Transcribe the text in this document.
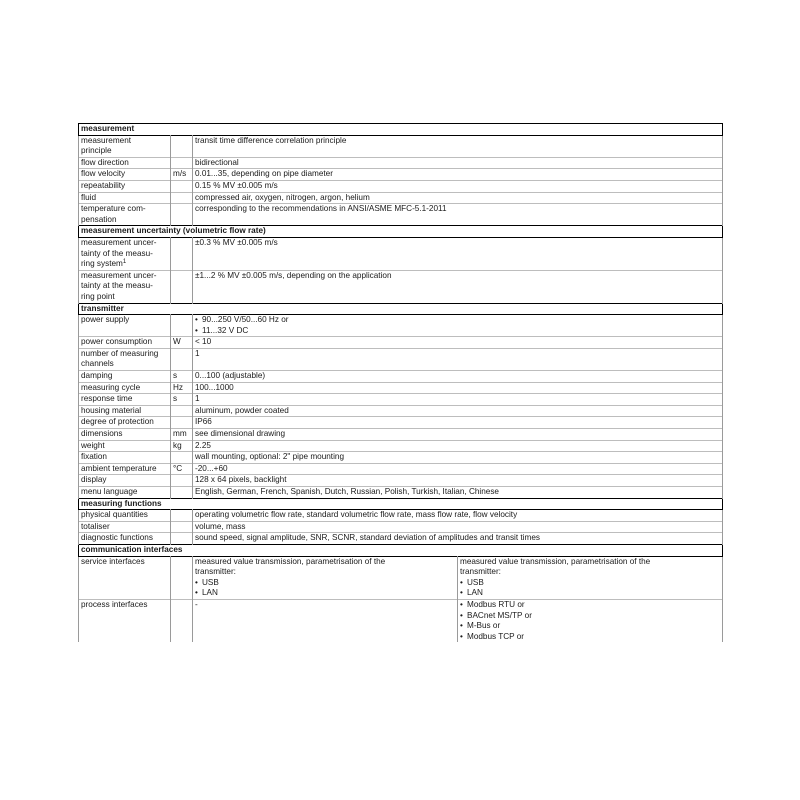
measurement			

measurement
principle		transit time difference correlation principle	

flow direction		bidirectional	

flow velocity	m/s	0.01...35, depending on pipe diameter	

repeatability		0.15 % MV ±0.005 m/s	

fluid		compressed air, oxygen, nitrogen, argon, helium	

temperature com-
pensation		corresponding to the recommendations in ANSI/ASME MFC-5.1-2011	

measurement uncertainty (volumetric flow rate)			

measurement uncer-
tainty of the measu-
ring system$^1$		±0.3 % MV ±0.005 m/s	

measurement uncer-
tainty at the measu-
ring point		±1...2 % MV ±0.005 m/s, depending on the application	

transmitter			

power supply		• 90...250 V/50...60 Hz or
• 11...32 V DC

power consumption	W	< 10	

number of measuring
channels		1	

damping	s	0...100 (adjustable)	

measuring cycle	Hz	100...1000	

response time	s	1	

housing material		aluminum, powder coated	

degree of protection		IP66	

dimensions	mm	see dimensional drawing	

weight	kg	2.25	

fixation		wall mounting, optional: 2" pipe mounting	

ambient temperature	°C	-20...+60	

display		128 x 64 pixels, backlight	

menu language		English, German, French, Spanish, Dutch, Russian, Polish, Turkish, Italian, Chinese	

measuring functions			

physical quantities		operating volumetric flow rate, standard volumetric flow rate, mass flow rate, flow velocity	

totaliser		volume, mass	

diagnostic functions		sound speed, signal amplitude, SNR, SCNR, standard deviation of amplitudes and transit times	

communication interfaces			

service interfaces		measured value transmission, parametrisation of the
transmitter:
• USB
• LAN	measured value transmission, parametrisation of the
transmitter:
• USB
• LAN

process interfaces		-	• Modbus RTU or
• BACnet MS/TP or
• M-Bus or
• Modbus TCP or
